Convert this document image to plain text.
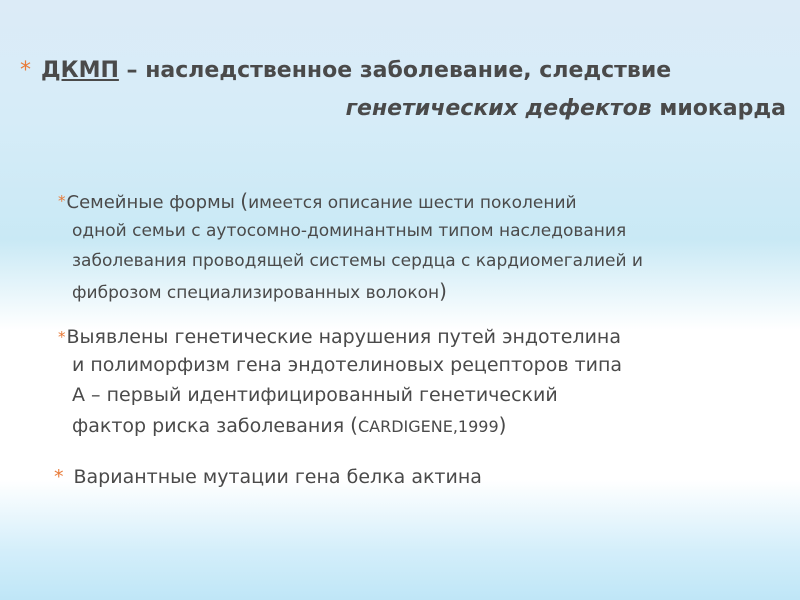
* ДКМП – наследственное заболевание, следствие
генетических дефектов миокарда
*Семейные формы (имеется описание шести поколений
одной семьи с аутосомно-доминантным типом наследования
заболевания проводящей системы сердца с кардиомегалией и
фиброзом специализированных волокон)
*Выявлены генетические нарушения путей эндотелина
и полиморфизм гена эндотелиновых рецепторов типа
А – первый идентифицированный генетический
фактор риска заболевания (CARDIGENE,1999)
* Вариантные мутации гена белка актина
